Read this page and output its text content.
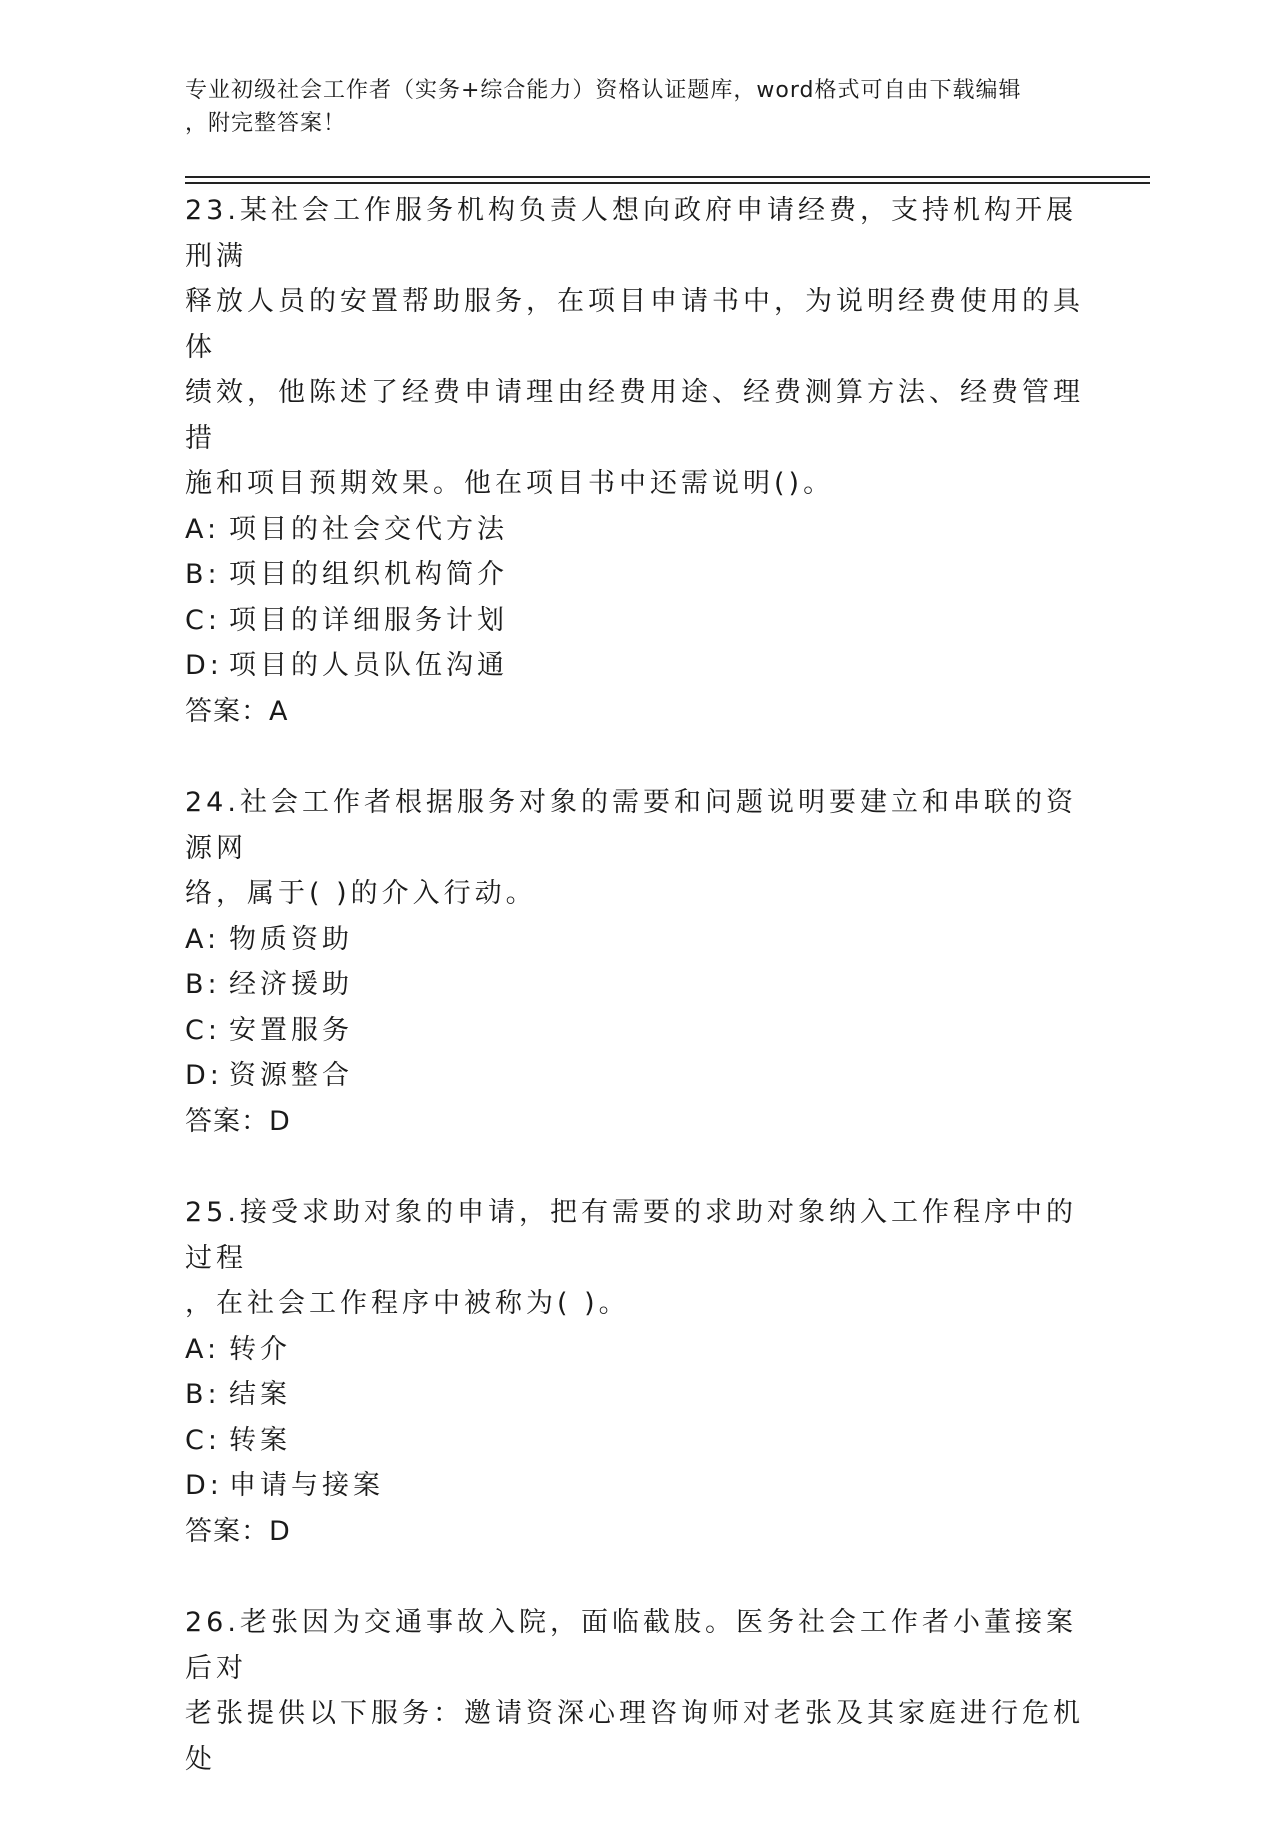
专业初级社会工作者（实务+综合能力）资格认证题库，word格式可自由下载编辑
，附完整答案！
23.某社会工作服务机构负责人想向政府申请经费，支持机构开展刑满
释放人员的安置帮助服务，在项目申请书中，为说明经费使用的具体
绩效，他陈述了经费申请理由经费用途、经费测算方法、经费管理措
施和项目预期效果。他在项目书中还需说明()。
A: 项目的社会交代方法
B: 项目的组织机构简介
C: 项目的详细服务计划
D: 项目的人员队伍沟通
答案：A
24.社会工作者根据服务对象的需要和问题说明要建立和串联的资源网
络，属于( )的介入行动。
A: 物质资助
B: 经济援助
C: 安置服务
D: 资源整合
答案：D
25.接受求助对象的申请，把有需要的求助对象纳入工作程序中的过程
，在社会工作程序中被称为( )。
A: 转介
B: 结案
C: 转案
D: 申请与接案
答案：D
26.老张因为交通事故入院，面临截肢。医务社会工作者小董接案后对
老张提供以下服务：邀请资深心理咨询师对老张及其家庭进行危机处
